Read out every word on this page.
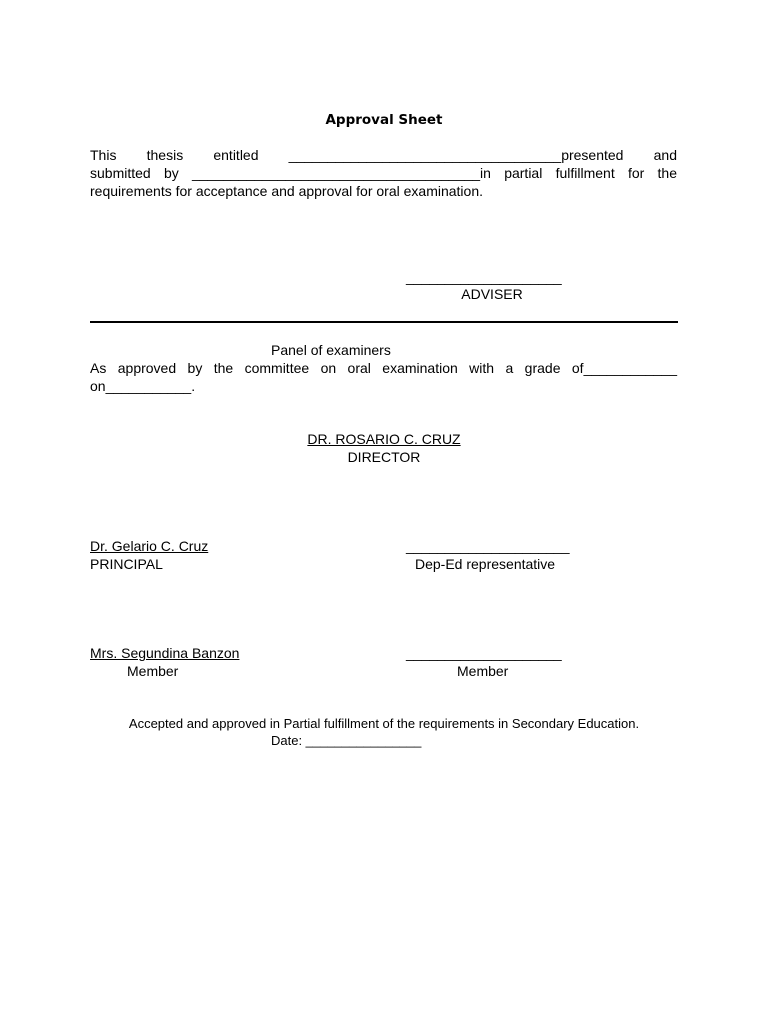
Approval Sheet
This thesis entitled ___________________________________presented and
submitted by _____________________________________in partial fulfillment for the
requirements for acceptance and approval for oral examination.
____________________
ADVISER
Panel of examiners
As approved by the committee on oral examination with a grade of____________
on___________.
DR. ROSARIO C. CRUZ
DIRECTOR
Dr. Gelario C. Cruz
PRINCIPAL
_____________________
Dep-Ed representative
Mrs. Segundina Banzon
Member
____________________
Member
Accepted and approved in Partial fulfillment of the requirements in Secondary Education.
Date: ________________
